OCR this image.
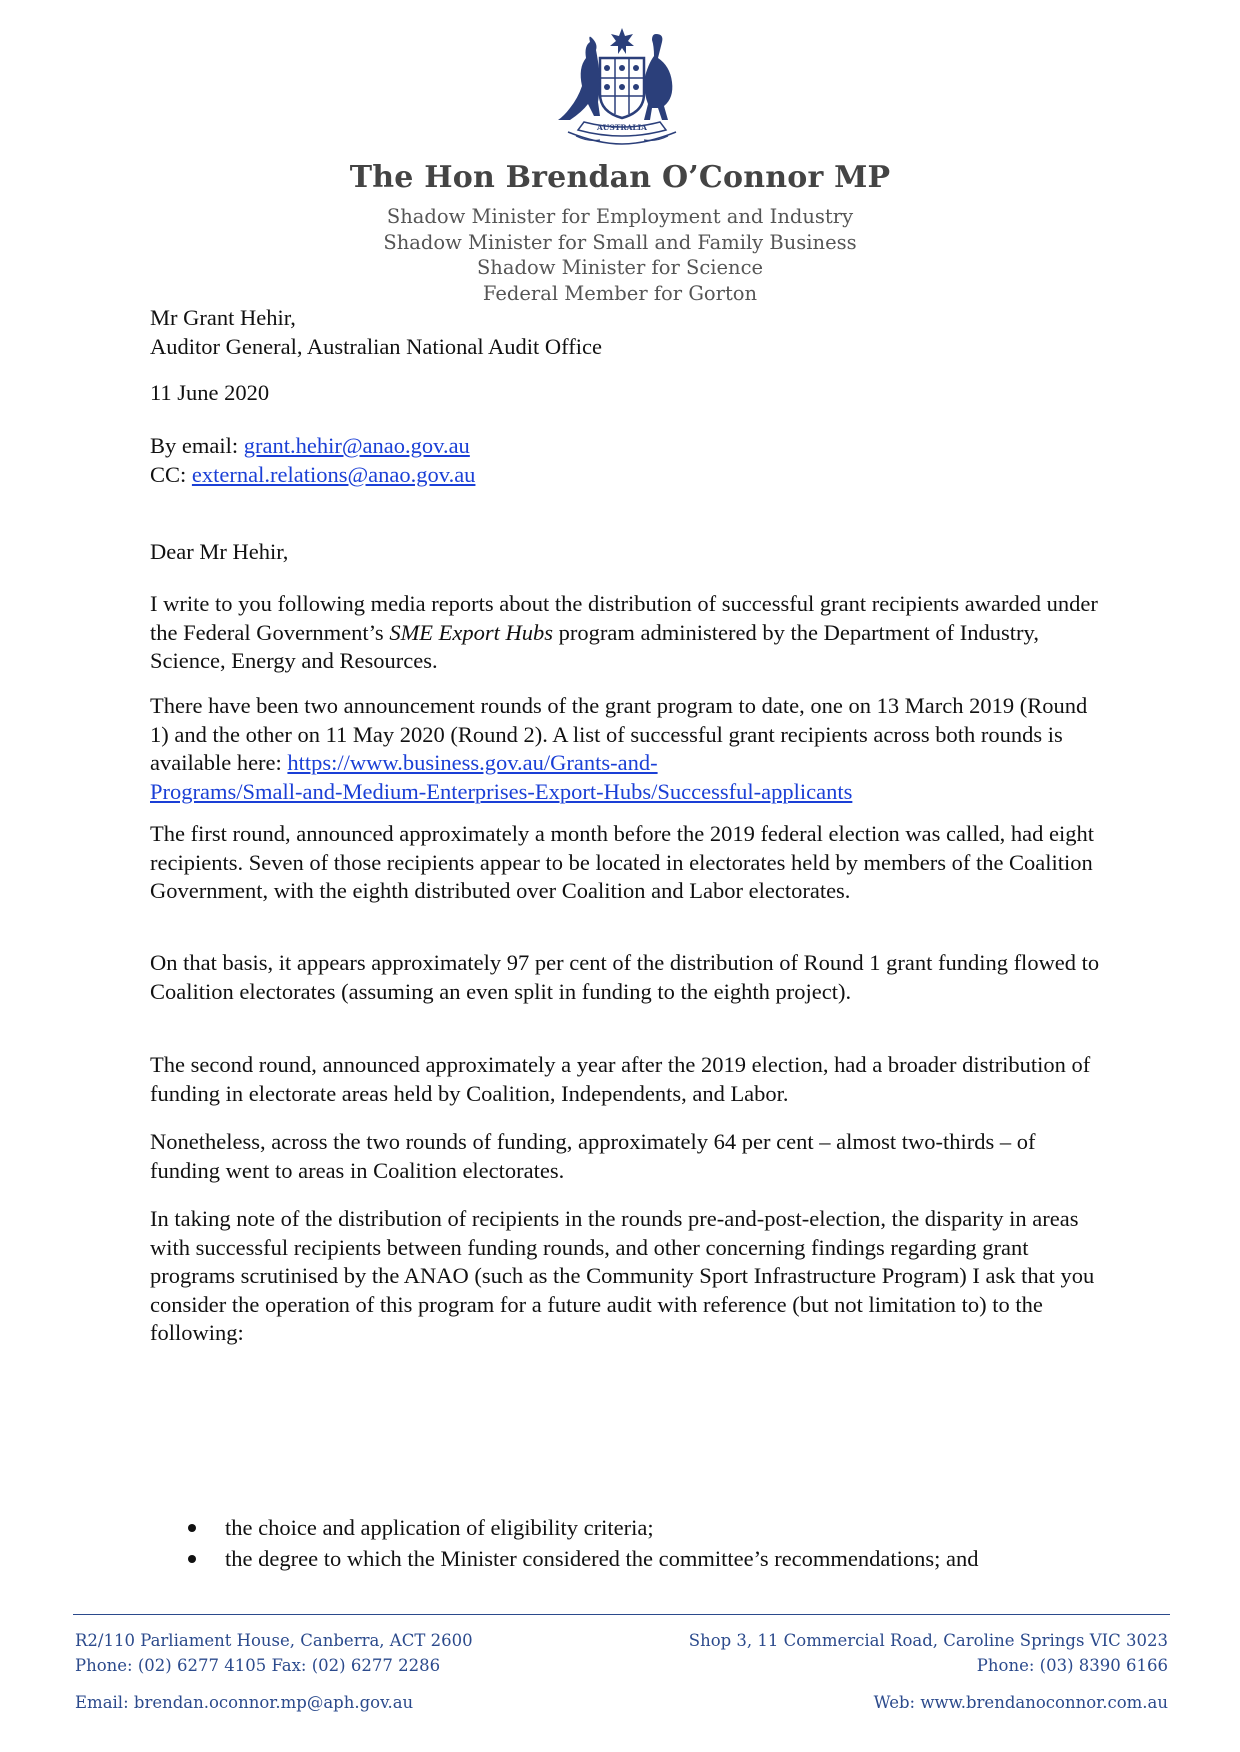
AUSTRALIA
The Hon Brendan O’Connor MP
Shadow Minister for Employment and Industry
Shadow Minister for Small and Family Business
Shadow Minister for Science
Federal Member for Gorton

Mr Grant Hehir,

Auditor General, Australian National Audit Office

11 June 2020

By email: grant.hehir@anao.gov.au

CC: external.relations@anao.gov.au

Dear Mr Hehir,

I write to you following media reports about the distribution of successful grant recipients awarded under the Federal Government’s SME Export Hubs program administered by the Department of Industry, Science, Energy and Resources.

There have been two announcement rounds of the grant program to date, one on 13 March 2019 (Round 1) and the other on 11 May 2020 (Round 2). A list of successful grant recipients across both rounds is available here: https://www.business.gov.au/Grants-and-
Programs/Small-and-Medium-Enterprises-Export-Hubs/Successful-applicants

The first round, announced approximately a month before the 2019 federal election was called, had eight recipients. Seven of those recipients appear to be located in electorates held by members of the Coalition Government, with the eighth distributed over Coalition and Labor electorates.

On that basis, it appears approximately 97 per cent of the distribution of Round 1 grant funding flowed to Coalition electorates (assuming an even split in funding to the eighth project).

The second round, announced approximately a year after the 2019 election, had a broader distribution of funding in electorate areas held by Coalition, Independents, and Labor.

Nonetheless, across the two rounds of funding, approximately 64 per cent – almost two-thirds – of funding went to areas in Coalition electorates.

In taking note of the distribution of recipients in the rounds pre-and-post-election, the disparity in areas with successful recipients between funding rounds, and other concerning findings regarding grant programs scrutinised by the ANAO (such as the Community Sport Infrastructure Program) I ask that you consider the operation of this program for a future audit with reference (but not limitation to) to the following:

the choice and application of eligibility criteria;
the degree to which the Minister considered the committee’s recommendations; and
R2/110 Parliament House, Canberra, ACT 2600
Phone: (02) 6277 4105 Fax: (02) 6277 2286
Shop 3, 11 Commercial Road, Caroline Springs VIC 3023
Phone: (03) 8390 6166
Email: brendan.oconnor.mp@aph.gov.au	Web: www.brendanoconnor.com.au
